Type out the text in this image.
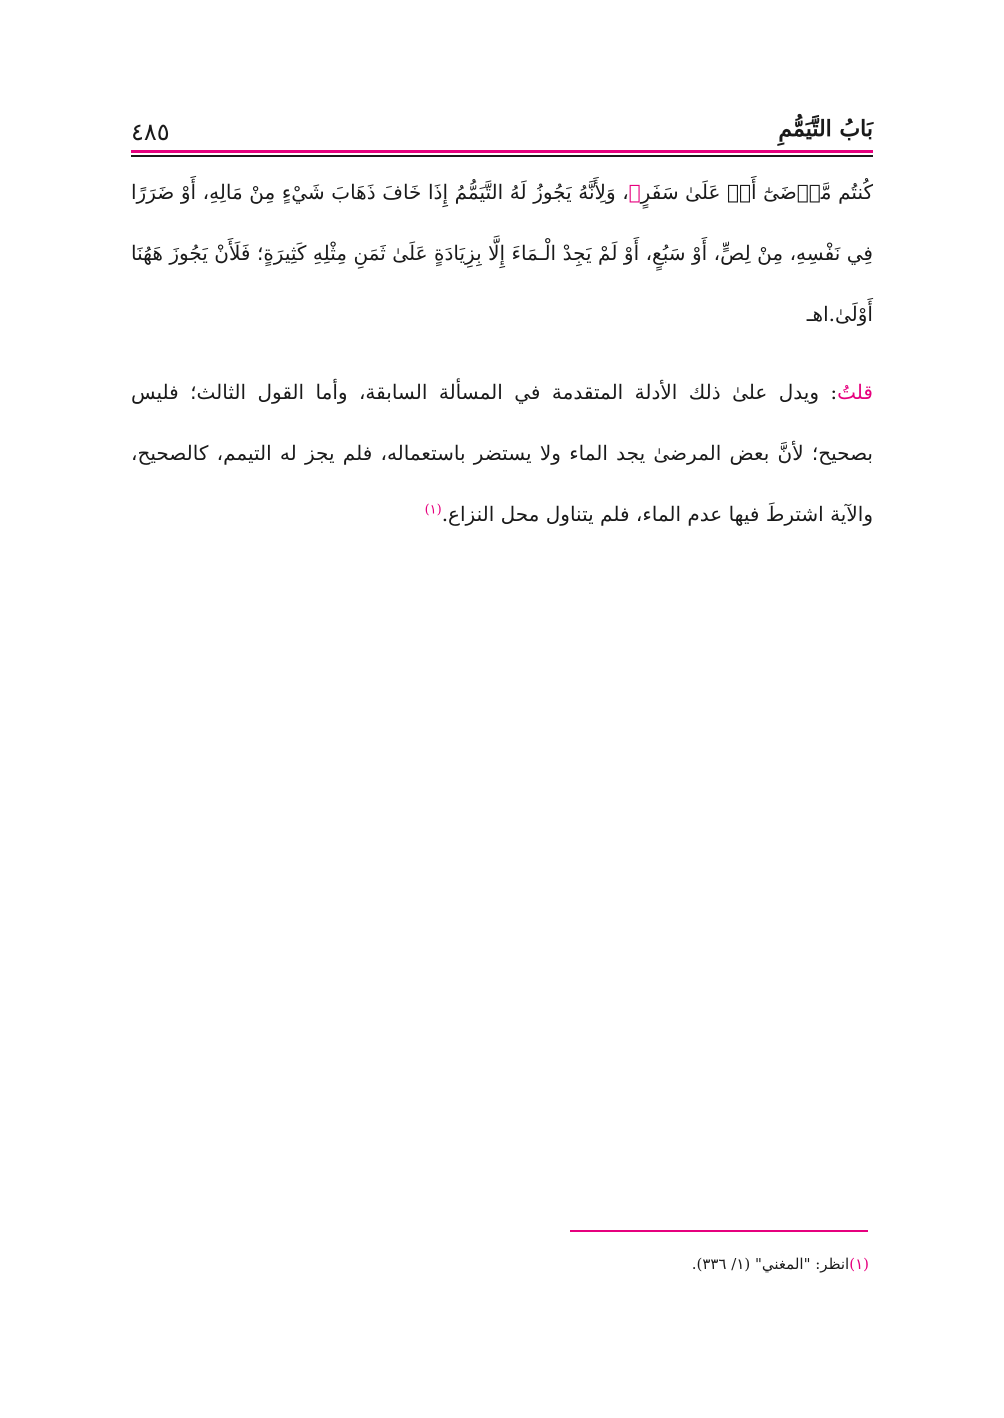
٤٨٥	بَابُ التَّيَمُّمِ
كُنتُم مَّرۡضَىٰٓ أَوۡ عَلَىٰ سَفَرٍ﴾، وَلِأَنَّهُ يَجُوزُ لَهُ التَّيَمُّمُ إِذَا خَافَ ذَهَابَ شَيْءٍ مِنْ مَالِهِ، أَوْ ضَرَرًا فِي نَفْسِهِ، مِنْ لِصٍّ، أَوْ سَبُعٍ، أَوْ لَمْ يَجِدْ الْـمَاءَ إِلَّا بِزِيَادَةٍ عَلَىٰ ثَمَنِ مِثْلِهِ كَثِيرَةٍ؛ فَلَأَنْ يَجُوزَ هَهُنَا أَوْلَىٰ.اهـ
قلتُ: ويدل علىٰ ذلك الأدلة المتقدمة في المسألة السابقة، وأما القول الثالث؛ فليس بصحيح؛ لأنَّ بعض المرضىٰ يجد الماء ولا يستضر باستعماله، فلم يجز له التيمم، كالصحيح، والآية اشترطَ فيها عدم الماء، فلم يتناول محل النزاع.$^{(١)}$
(١)انظر: "المغني" (١/ ٣٣٦).
